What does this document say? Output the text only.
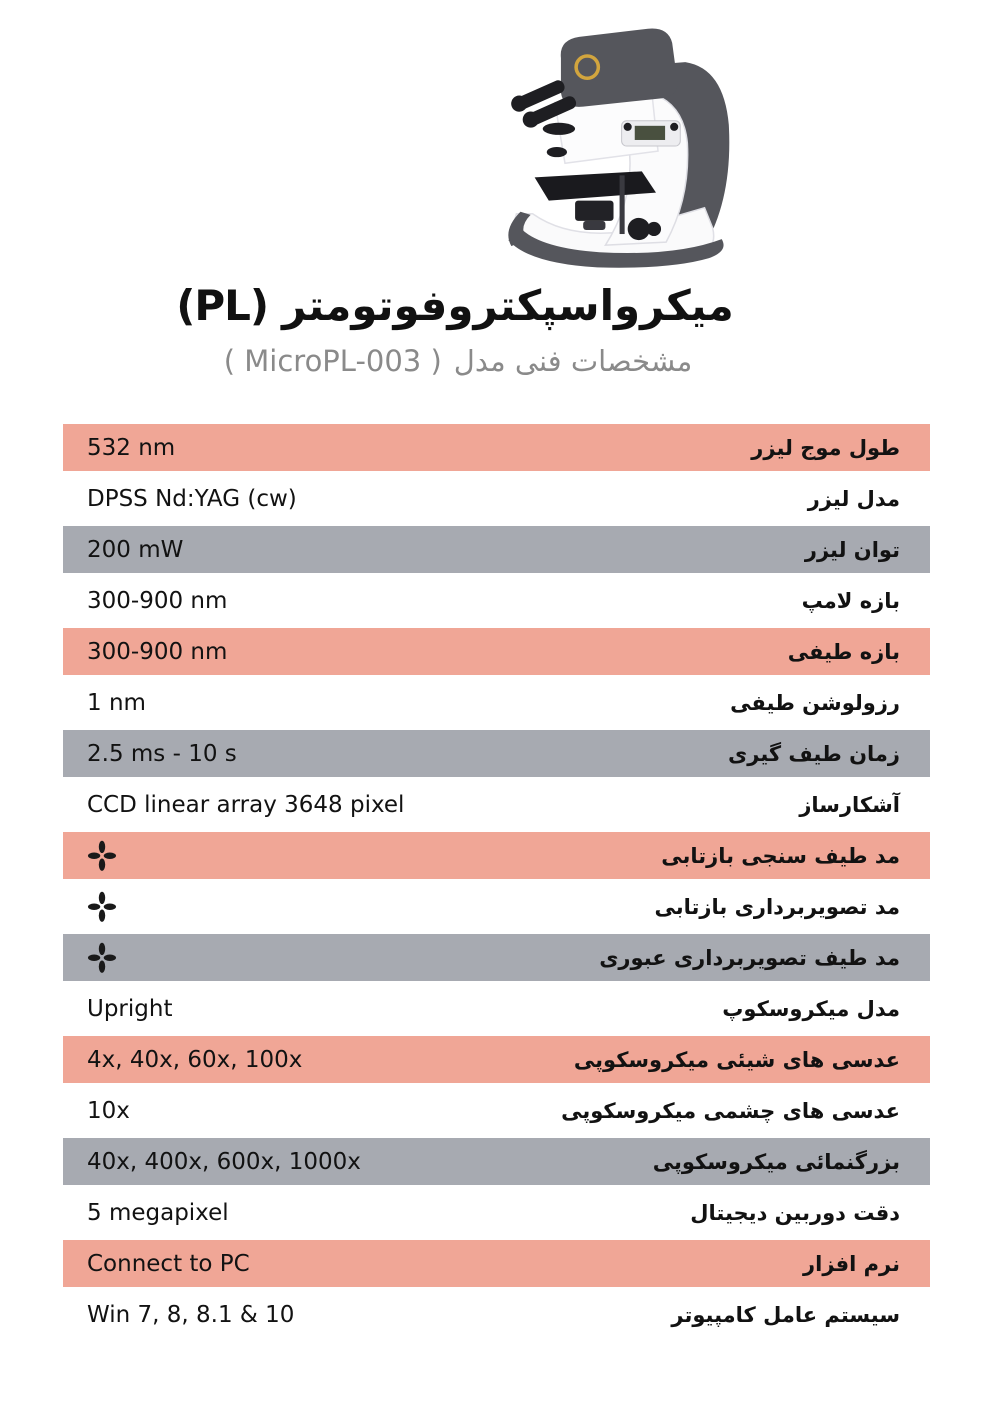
(PL) میکرواسپکتروفوتومتر
( MicroPL-003 ) مشخصات فنی مدل
532 nm	طول موج لیزر
DPSS Nd:YAG (cw)	مدل لیزر
200 mW	توان لیزر
300-900 nm	بازه لامپ
300-900 nm	بازه طیفی
1 nm	رزولوشن طیفی
2.5 ms - 10 s	زمان طیف گیری
CCD linear array 3648 pixel	آشکارساز
مد طیف سنجی بازتابی
مد تصویربرداری بازتابی
مد طیف تصویربرداری عبوری
Upright	مدل میکروسکوپ
4x, 40x, 60x, 100x	عدسی های شیئی میکروسکوپی
10x	عدسی های چشمی میکروسکوپی
40x, 400x, 600x, 1000x	بزرگنمائی میکروسکوپی
5 megapixel	دقت دوربین دیجیتال
Connect to PC	نرم افزار
Win 7, 8, 8.1 & 10	سیستم عامل کامپیوتر
